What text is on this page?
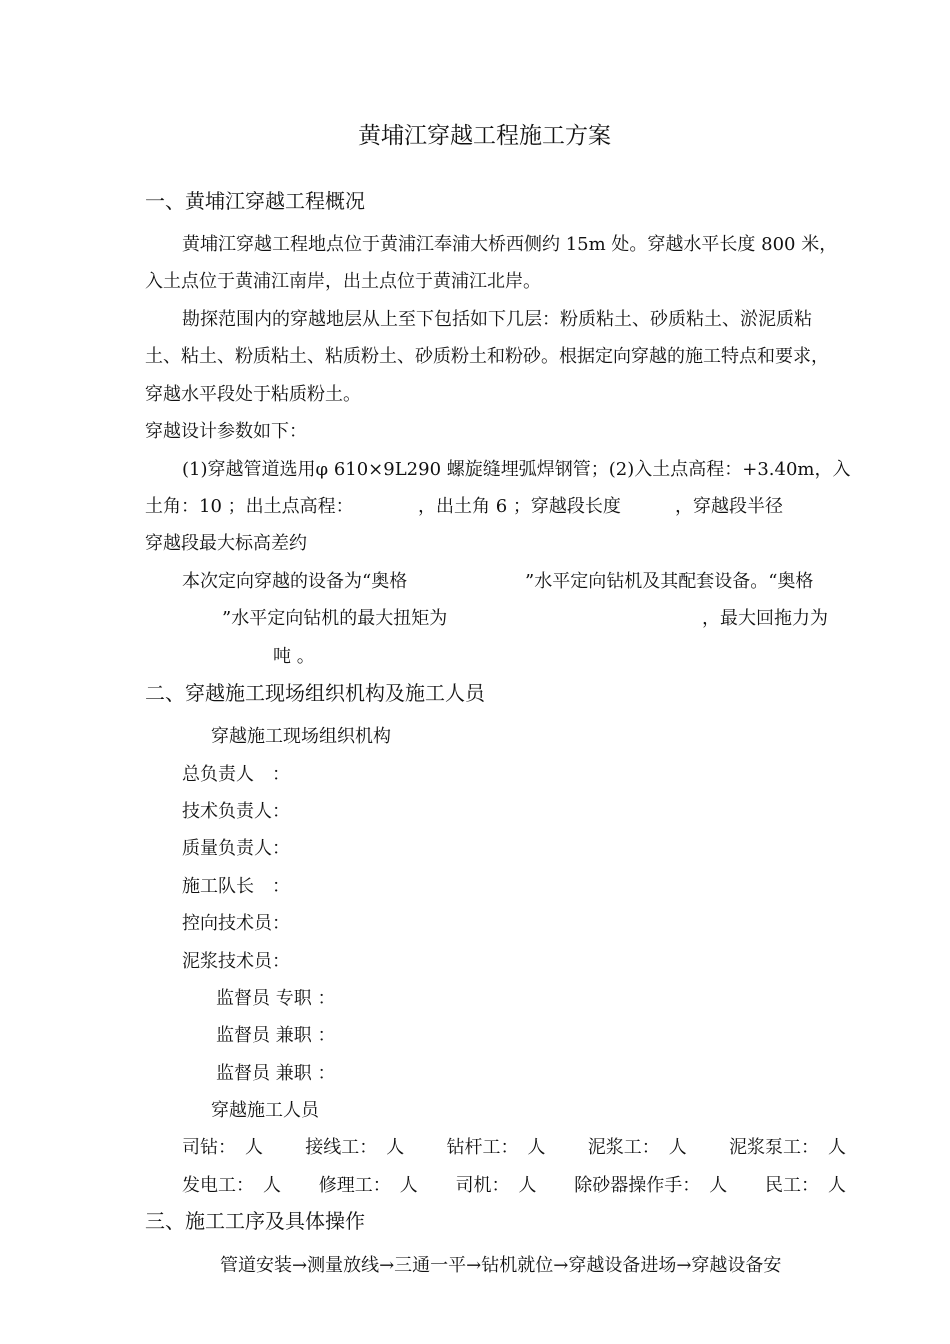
黄埔江穿越工程施工方案
一、黄埔江穿越工程概况
黄埔江穿越工程地点位于黄浦江奉浦大桥西侧约 15m 处。穿越水平长度 800 米，
入土点位于黄浦江南岸，出土点位于黄浦江北岸。
勘探范围内的穿越地层从上至下包括如下几层：粉质粘土、砂质粘土、淤泥质粘
土、粘土、粉质粘土、粘质粉土、砂质粉土和粉砂。根据定向穿越的施工特点和要求，
穿越水平段处于粘质粉土。
穿越设计参数如下：
(1)穿越管道选用φ 610×9L290 螺旋缝埋弧焊钢管；(2)入土点高程：+3.40m，入
土角：10 ；出土点高程：	，出土角 6 ；穿越段长度	，穿越段半径
穿越段最大标高差约
本次定向穿越的设备为“奥格	”水平定向钻机及其配套设备。“奥格
”水平定向钻机的最大扭矩为	，最大回拖力为
吨 。
二、穿越施工现场组织机构及施工人员
穿越施工现场组织机构
总负责人　：
技术负责人：
质量负责人：
施工队长　：
控向技术员：
泥浆技术员：
监督员 专职 ：
监督员 兼职 ：
监督员 兼职 ：
穿越施工人员
司钻：　人 接线工：　人 钻杆工：　人 泥浆工：　人 泥浆泵工：　人
发电工：　人 修理工：　人 司机：　人 除砂器操作手：　人 民工：　人
三、施工工序及具体操作
管道安装→测量放线→三通一平→钻机就位→穿越设备进场→穿越设备安
